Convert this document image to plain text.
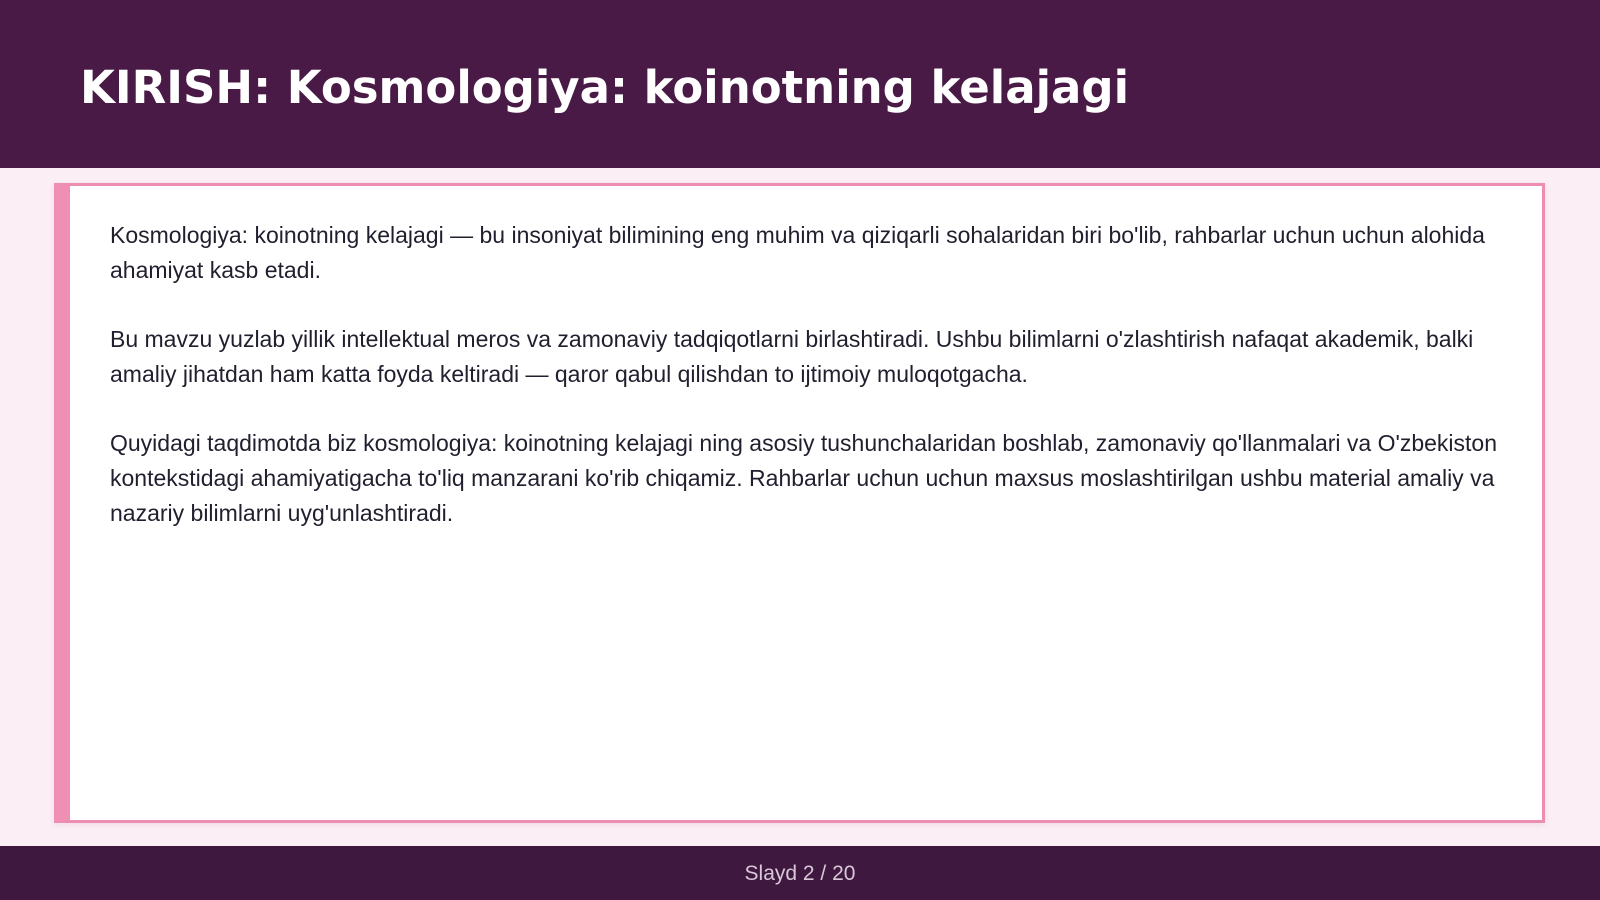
KIRISH: Kosmologiya: koinotning kelajagi

Kosmologiya: koinotning kelajagi — bu insoniyat bilimining eng muhim va qiziqarli sohalaridan biri bo'lib, rahbarlar uchun uchun alohida ahamiyat kasb etadi.

Bu mavzu yuzlab yillik intellektual meros va zamonaviy tadqiqotlarni birlashtiradi. Ushbu bilimlarni o'zlashtirish nafaqat akademik, balki amaliy jihatdan ham katta foyda keltiradi — qaror qabul qilishdan to ijtimoiy muloqotgacha.

Quyidagi taqdimotda biz kosmologiya: koinotning kelajagi ning asosiy tushunchalaridan boshlab, zamonaviy qo'llanmalari va O'zbekiston kontekstidagi ahamiyatigacha to'liq manzarani ko'rib chiqamiz. Rahbarlar uchun uchun maxsus moslashtirilgan ushbu material amaliy va nazariy bilimlarni uyg'unlashtiradi.

Slayd 2 / 20
